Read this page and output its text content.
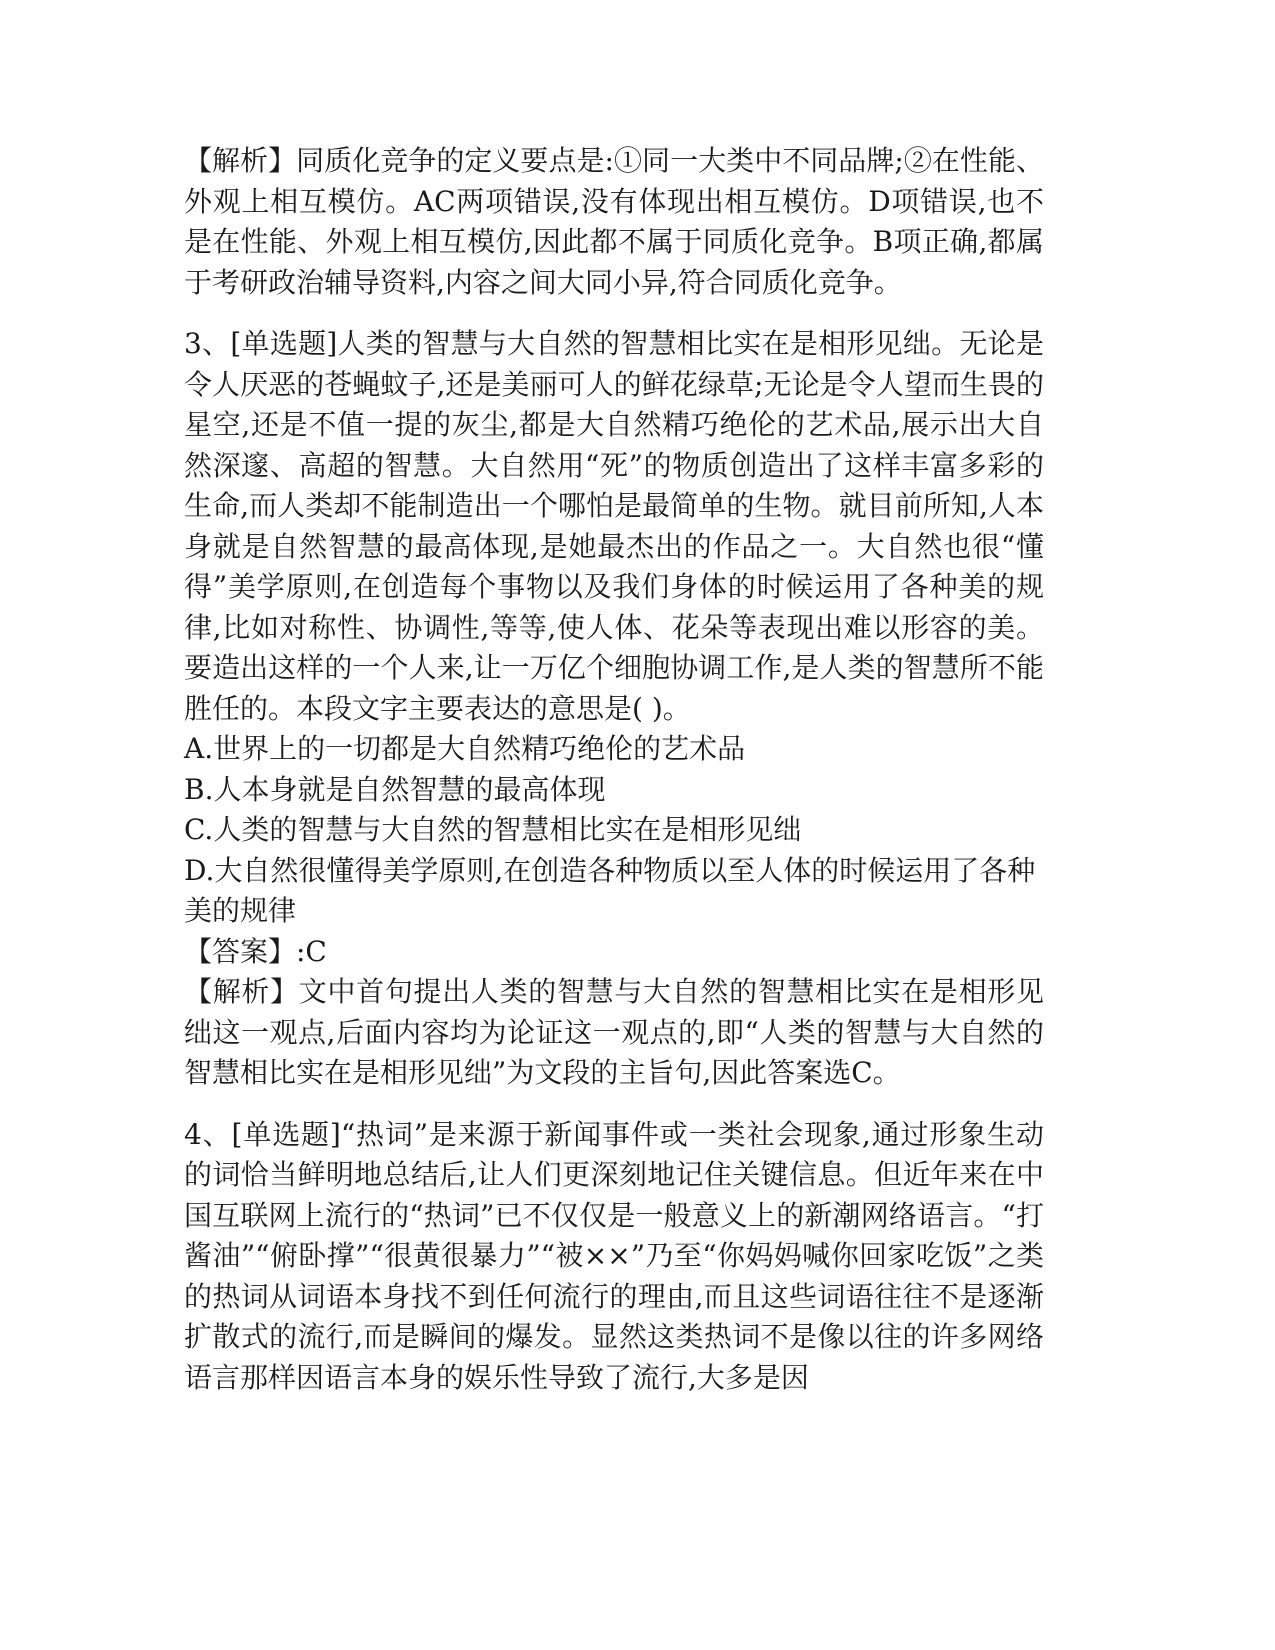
【解析】同质化竞争的定义要点是:①同一大类中不同品牌;②在性能、外观上相互模仿。AC两项错误,没有体现出相互模仿。D项错误,也不是在性能、外观上相互模仿,因此都不属于同质化竞争。B项正确,都属于考研政治辅导资料,内容之间大同小异,符合同质化竞争。

3、[单选题]人类的智慧与大自然的智慧相比实在是相形见绌。无论是令人厌恶的苍蝇蚊子,还是美丽可人的鲜花绿草;无论是令人望而生畏的星空,还是不值一提的灰尘,都是大自然精巧绝伦的艺术品,展示出大自然深邃、高超的智慧。大自然用“死”的物质创造出了这样丰富多彩的生命,而人类却不能制造出一个哪怕是最简单的生物。就目前所知,人本身就是自然智慧的最高体现,是她最杰出的作品之一。大自然也很“懂得”美学原则,在创造每个事物以及我们身体的时候运用了各种美的规律,比如对称性、协调性,等等,使人体、花朵等表现出难以形容的美。要造出这样的一个人来,让一万亿个细胞协调工作,是人类的智慧所不能胜任的。本段文字主要表达的意思是( )。

A.世界上的一切都是大自然精巧绝伦的艺术品

B.人本身就是自然智慧的最高体现

C.人类的智慧与大自然的智慧相比实在是相形见绌

D.大自然很懂得美学原则,在创造各种物质以至人体的时候运用了各种美的规律

【答案】:C

【解析】文中首句提出人类的智慧与大自然的智慧相比实在是相形见绌这一观点,后面内容均为论证这一观点的,即“人类的智慧与大自然的智慧相比实在是相形见绌”为文段的主旨句,因此答案选C。

4、[单选题]“热词”是来源于新闻事件或一类社会现象,通过形象生动的词恰当鲜明地总结后,让人们更深刻地记住关键信息。但近年来在中国互联网上流行的“热词”已不仅仅是一般意义上的新潮网络语言。“打酱油”“俯卧撑”“很黄很暴力”“被××”乃至“你妈妈喊你回家吃饭”之类的热词从词语本身找不到任何流行的理由,而且这些词语往往不是逐渐扩散式的流行,而是瞬间的爆发。显然这类热词不是像以往的许多网络语言那样因语言本身的娱乐性导致了流行,大多是因
